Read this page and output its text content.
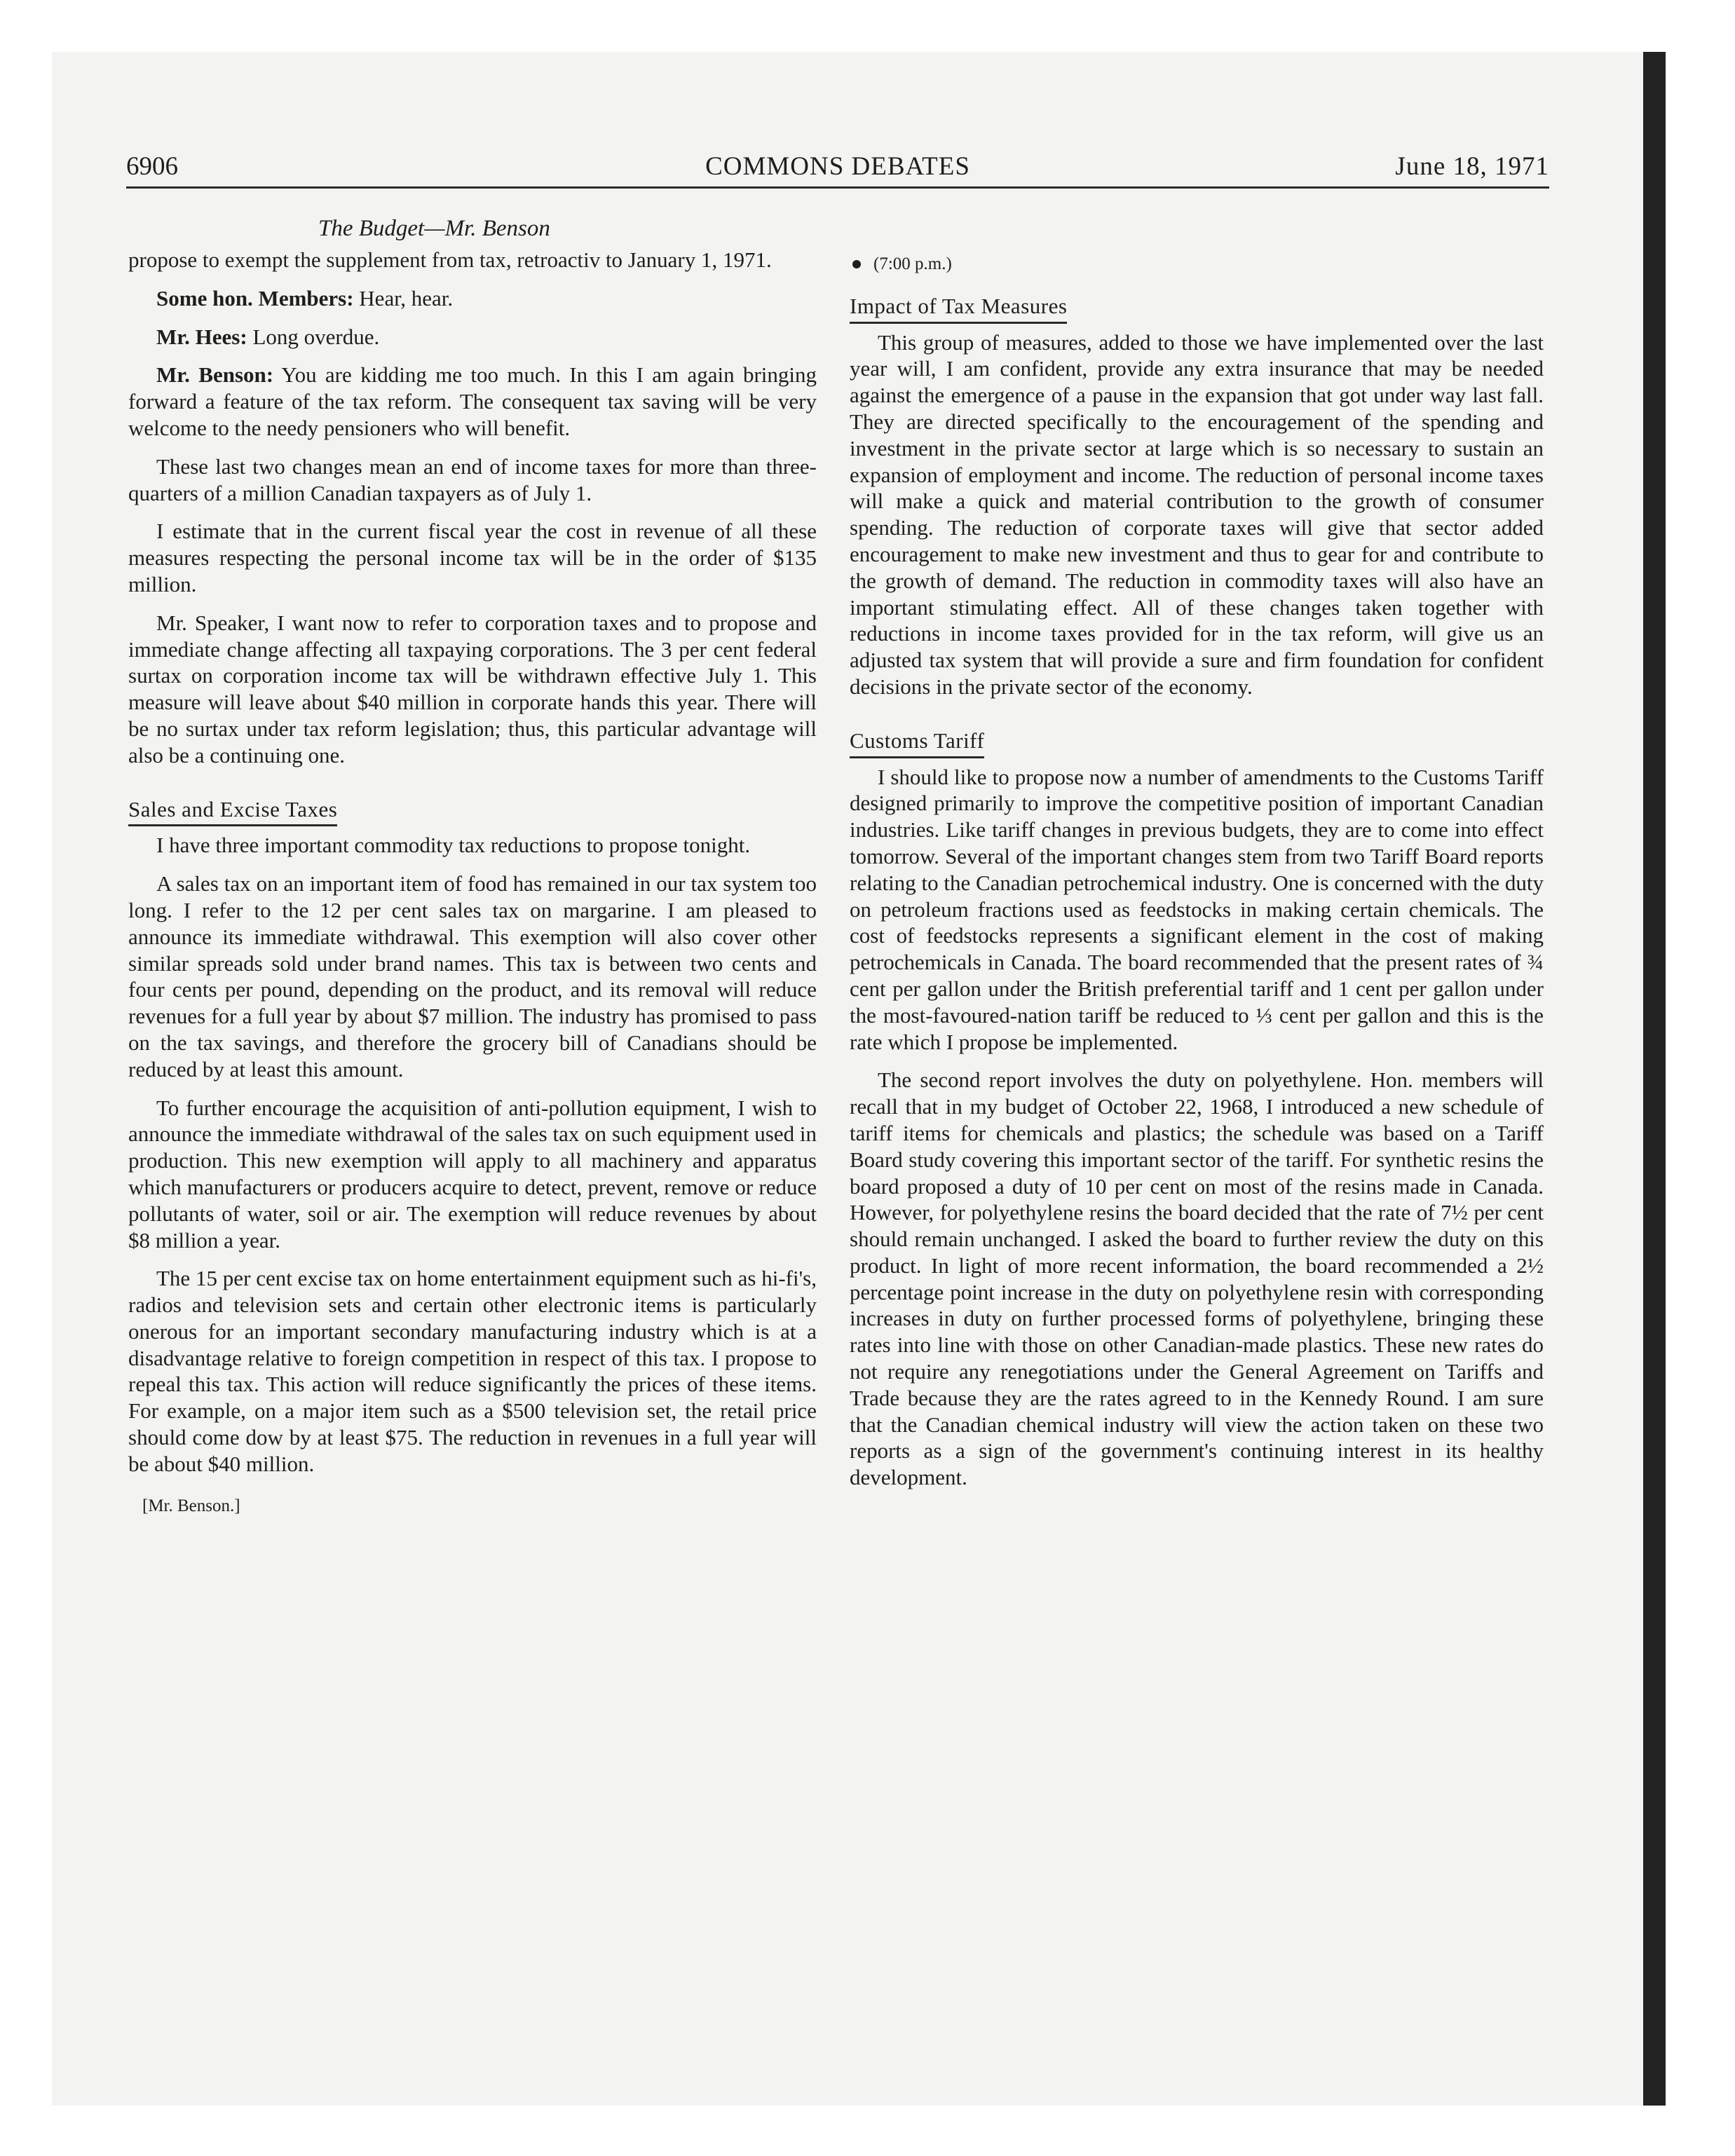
6906	COMMONS DEBATES	June 18, 1971
The Budget—Mr. Benson

propose to exempt the supplement from tax, retroactiv to January 1, 1971.

Some hon. Members: Hear, hear.

Mr. Hees: Long overdue.

Mr. Benson: You are kidding me too much. In this I am again bringing forward a feature of the tax reform. The consequent tax saving will be very welcome to the needy pensioners who will benefit.

These last two changes mean an end of income taxes for more than three-quarters of a million Canadian taxpayers as of July 1.

I estimate that in the current fiscal year the cost in revenue of all these measures respecting the personal income tax will be in the order of $135 million.

Mr. Speaker, I want now to refer to corporation taxes and to propose and immediate change affecting all taxpaying corporations. The 3 per cent federal surtax on corporation income tax will be withdrawn effective July 1. This measure will leave about $40 million in corporate hands this year. There will be no surtax under tax reform legislation; thus, this particular advantage will also be a continuing one.

Sales and Excise Taxes

I have three important commodity tax reductions to propose tonight.

A sales tax on an important item of food has remained in our tax system too long. I refer to the 12 per cent sales tax on margarine. I am pleased to announce its immediate withdrawal. This exemption will also cover other similar spreads sold under brand names. This tax is between two cents and four cents per pound, depending on the product, and its removal will reduce revenues for a full year by about $7 million. The industry has promised to pass on the tax savings, and therefore the grocery bill of Canadians should be reduced by at least this amount.

To further encourage the acquisition of anti-pollution equipment, I wish to announce the immediate withdrawal of the sales tax on such equipment used in production. This new exemption will apply to all machinery and apparatus which manufacturers or producers acquire to detect, prevent, remove or reduce pollutants of water, soil or air. The exemption will reduce revenues by about $8 million a year.

The 15 per cent excise tax on home entertainment equipment such as hi-fi's, radios and television sets and certain other electronic items is particularly onerous for an important secondary manufacturing industry which is at a disadvantage relative to foreign competition in respect of this tax. I propose to repeal this tax. This action will reduce significantly the prices of these items. For example, on a major item such as a $500 television set, the retail price should come dow by at least $75. The reduction in revenues in a full year will be about $40 million.

[Mr. Benson.]
(7:00 p.m.)
Impact of Tax Measures

This group of measures, added to those we have implemented over the last year will, I am confident, provide any extra insurance that may be needed against the emergence of a pause in the expansion that got under way last fall. They are directed specifically to the encouragement of the spending and investment in the private sector at large which is so necessary to sustain an expansion of employment and income. The reduction of personal income taxes will make a quick and material contribution to the growth of consumer spending. The reduction of corporate taxes will give that sector added encouragement to make new investment and thus to gear for and contribute to the growth of demand. The reduction in commodity taxes will also have an important stimulating effect. All of these changes taken together with reductions in income taxes provided for in the tax reform, will give us an adjusted tax system that will provide a sure and firm foundation for confident decisions in the private sector of the economy.

Customs Tariff

I should like to propose now a number of amendments to the Customs Tariff designed primarily to improve the competitive position of important Canadian industries. Like tariff changes in previous budgets, they are to come into effect tomorrow. Several of the important changes stem from two Tariff Board reports relating to the Canadian petrochemical industry. One is concerned with the duty on petroleum fractions used as feedstocks in making certain chemicals. The cost of feedstocks represents a significant element in the cost of making petrochemicals in Canada. The board recommended that the present rates of ¾ cent per gallon under the British preferential tariff and 1 cent per gallon under the most-favoured-nation tariff be reduced to ⅓ cent per gallon and this is the rate which I propose be implemented.

The second report involves the duty on polyethylene. Hon. members will recall that in my budget of October 22, 1968, I introduced a new schedule of tariff items for chemicals and plastics; the schedule was based on a Tariff Board study covering this important sector of the tariff. For synthetic resins the board proposed a duty of 10 per cent on most of the resins made in Canada. However, for polyethylene resins the board decided that the rate of 7½ per cent should remain unchanged. I asked the board to further review the duty on this product. In light of more recent information, the board recommended a 2½ percentage point increase in the duty on polyethylene resin with corresponding increases in duty on further processed forms of polyethylene, bringing these rates into line with those on other Canadian-made plastics. These new rates do not require any renegotiations under the General Agreement on Tariffs and Trade because they are the rates agreed to in the Kennedy Round. I am sure that the Canadian chemical industry will view the action taken on these two reports as a sign of the government's continuing interest in its healthy development.
